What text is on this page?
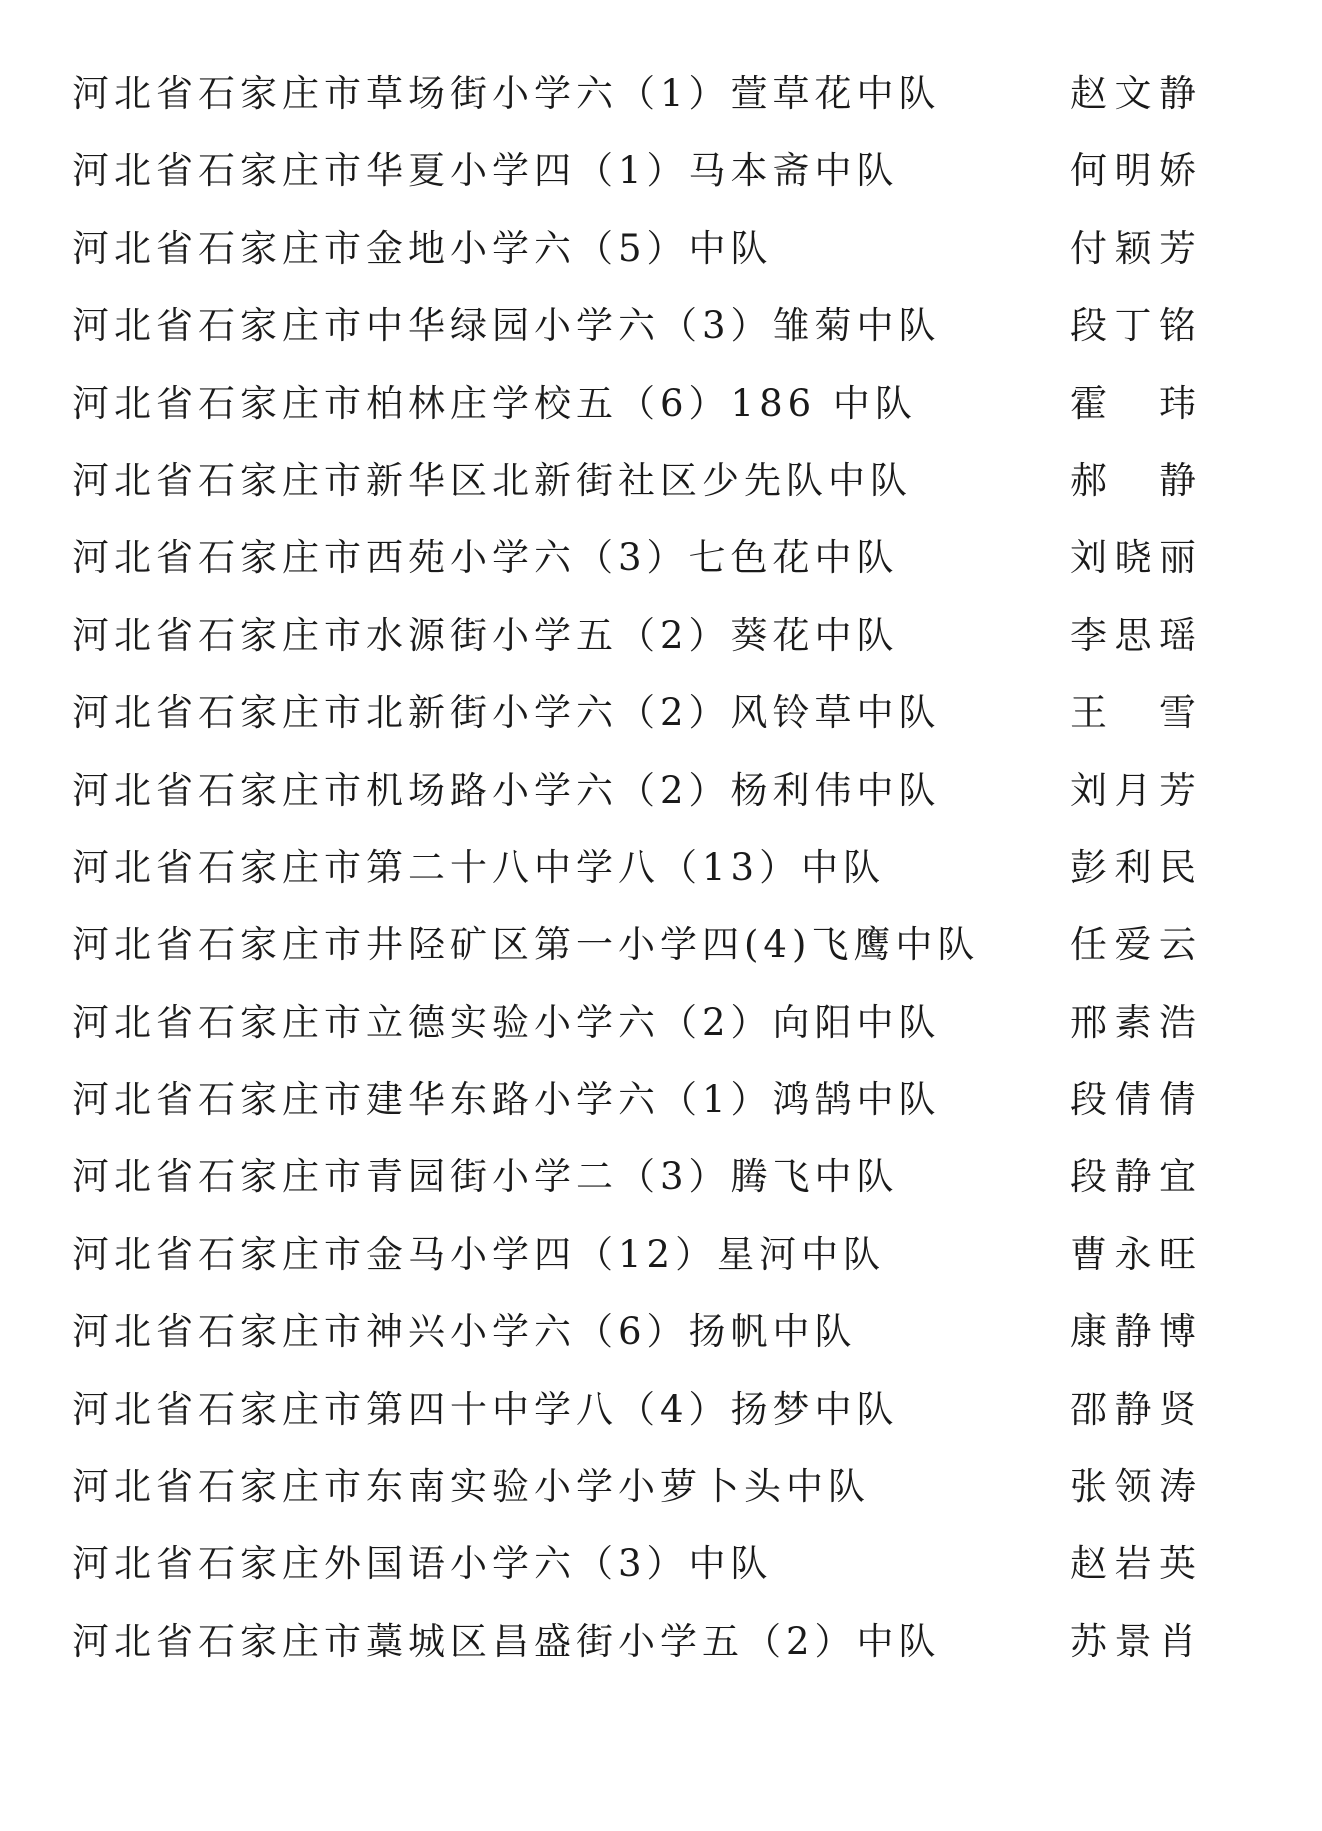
河北省石家庄市草场街小学六（1）萱草花中队	赵文静
河北省石家庄市华夏小学四（1）马本斋中队	何明娇
河北省石家庄市金地小学六（5）中队	付颖芳
河北省石家庄市中华绿园小学六（3）雏菊中队	段丁铭
河北省石家庄市柏林庄学校五（6）186 中队	霍　玮
河北省石家庄市新华区北新街社区少先队中队	郝　静
河北省石家庄市西苑小学六（3）七色花中队	刘晓丽
河北省石家庄市水源街小学五（2）葵花中队	李思瑶
河北省石家庄市北新街小学六（2）风铃草中队	王　雪
河北省石家庄市机场路小学六（2）杨利伟中队	刘月芳
河北省石家庄市第二十八中学八（13）中队	彭利民
河北省石家庄市井陉矿区第一小学四(4)飞鹰中队 任爱云
河北省石家庄市立德实验小学六（2）向阳中队	邢素浩
河北省石家庄市建华东路小学六（1）鸿鹄中队	段倩倩
河北省石家庄市青园街小学二（3）腾飞中队	段静宜
河北省石家庄市金马小学四（12）星河中队	曹永旺
河北省石家庄市神兴小学六（6）扬帆中队	康静博
河北省石家庄市第四十中学八（4）扬梦中队	邵静贤
河北省石家庄市东南实验小学小萝卜头中队	张领涛
河北省石家庄外国语小学六（3）中队	赵岩英
河北省石家庄市藁城区昌盛街小学五（2）中队	苏景肖
